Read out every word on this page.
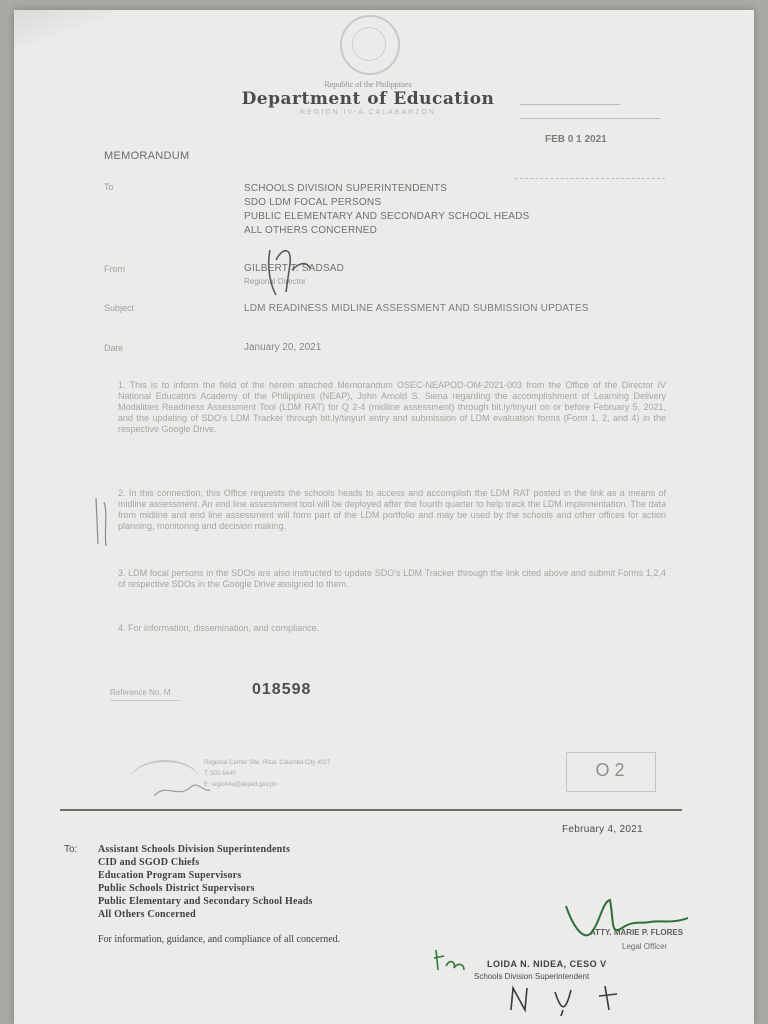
Republic of the Philippines
Department of Education
REGION IV-A CALABARZON
FEB 0 1 2021
MEMORANDUM
To	SCHOOLS DIVISION SUPERINTENDENTS
SDO LDM FOCAL PERSONS
PUBLIC ELEMENTARY AND SECONDARY SCHOOL HEADS
ALL OTHERS CONCERNED
From	GILBERT T. SADSAD
Regional Director
Subject	LDM READINESS MIDLINE ASSESSMENT AND SUBMISSION UPDATES
Date	January 20, 2021
1. This is to inform the field of the herein attached Memorandum OSEC-NEAPOD-OM-2021-003 from the Office of the Director IV National Educators Academy of the Philippines (NEAP), John Arnold S. Siena regarding the accomplishment of Learning Delivery Modalities Readiness Assessment Tool (LDM RAT) for Q 2-4 (midline assessment) through bit.ly/tinyurl on or before February 5, 2021, and the updating of SDO's LDM Tracker through bit.ly/tinyurl entry and submission of LDM evaluation forms (Form 1, 2, and 4) in the respective Google Drive.
2. In this connection, this Office requests the schools heads to access and accomplish the LDM RAT posted in the link as a means of midline assessment. An end line assessment tool will be deployed after the fourth quarter to help track the LDM implementation. The data from midline and end line assessment will form part of the LDM portfolio and may be used by the schools and other offices for action planning, monitoring and decision making.
3. LDM focal persons in the SDOs are also instructed to update SDO's LDM Tracker through the link cited above and submit Forms 1,2,4 of respective SDOs in the Google Drive assigned to them.
4. For information, dissemination, and compliance.
Reference No. M	018598
Regional Center Site, Rizal, Calamba City 4027
T: 502-6440
E: region4a@deped.gov.ph
O 2
February 4, 2021
To: Assistant Schools Division Superintendents
CID and SGOD Chiefs
Education Program Supervisors
Public Schools District Supervisors
Public Elementary and Secondary School Heads
All Others Concerned
For information, guidance, and compliance of all concerned.
ATTY. MARIE P. FLORES
Legal Officer
LOIDA N. NIDEA, CESO V
Schools Division Superintendent
